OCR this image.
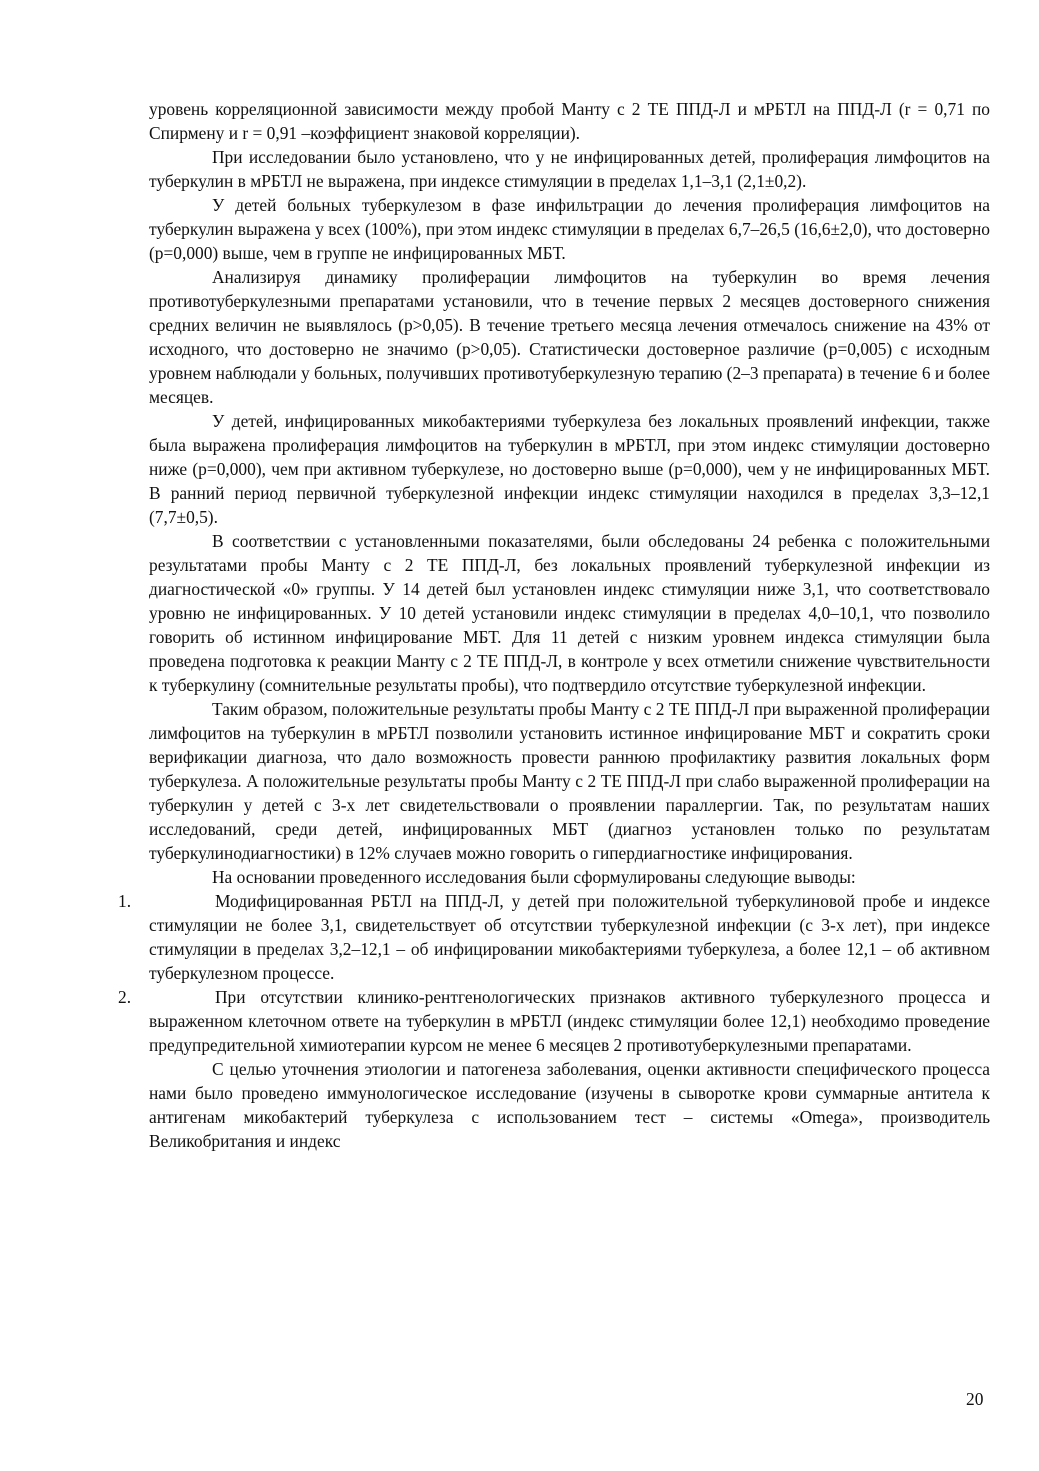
уровень корреляционной зависимости между пробой Манту с 2 ТЕ ППД-Л и мРБТЛ на ППД-Л (r = 0,71 по Спирмену и r = 0,91 –коэффициент знаковой корреляции).

При исследовании было установлено, что у не инфицированных детей, пролиферация лимфоцитов на туберкулин в мРБТЛ не выражена, при индексе стимуляции в пределах 1,1–3,1 (2,1±0,2).

У детей больных туберкулезом в фазе инфильтрации до лечения пролиферация лимфоцитов на туберкулин выражена у всех (100%), при этом индекс стимуляции в пределах 6,7–26,5 (16,6±2,0), что достоверно (р=0,000) выше, чем в группе не инфицированных МБТ.

Анализируя динамику пролиферации лимфоцитов на туберкулин во время лечения противотуберкулезными препаратами установили, что в течение первых 2 месяцев достоверного снижения средних величин не выявлялось (р>0,05). В течение третьего месяца лечения отмечалось снижение на 43% от исходного, что достоверно не значимо (р>0,05). Статистически достоверное различие (р=0,005) с исходным уровнем наблюдали у больных, получивших противотуберкулезную терапию (2–3 препарата) в течение 6 и более месяцев.

У детей, инфицированных микобактериями туберкулеза без локальных проявлений инфекции, также была выражена пролиферация лимфоцитов на туберкулин в мРБТЛ, при этом индекс стимуляции достоверно ниже (р=0,000), чем при активном туберкулезе, но достоверно выше (р=0,000), чем у не инфицированных МБТ. В ранний период первичной туберкулезной инфекции индекс стимуляции находился в пределах 3,3–12,1 (7,7±0,5).

В соответствии с установленными показателями, были обследованы 24 ребенка с положительными результатами пробы Манту с 2 ТЕ ППД-Л, без локальных проявлений туберкулезной инфекции из диагностической «0» группы. У 14 детей был установлен индекс стимуляции ниже 3,1, что соответствовало уровню не инфицированных. У 10 детей установили индекс стимуляции в пределах 4,0–10,1, что позволило говорить об истинном инфицирование МБТ. Для 11 детей с низким уровнем индекса стимуляции была проведена подготовка к реакции Манту с 2 ТЕ ППД-Л, в контроле у всех отметили снижение чувствительности к туберкулину (сомнительные результаты пробы), что подтвердило отсутствие туберкулезной инфекции.

Таким образом, положительные результаты пробы Манту с 2 ТЕ ППД-Л при выраженной пролиферации лимфоцитов на туберкулин в мРБТЛ позволили установить истинное инфицирование МБТ и сократить сроки верификации диагноза, что дало возможность провести раннюю профилактику развития локальных форм туберкулеза. А положительные результаты пробы Манту с 2 ТЕ ППД-Л при слабо выраженной пролиферации на туберкулин у детей с 3-х лет свидетельствовали о проявлении параллергии. Так, по результатам наших исследований, среди детей, инфицированных МБТ (диагноз установлен только по результатам туберкулинодиагностики) в 12% случаев можно говорить о гипердиагностике инфицирования.

На основании проведенного исследования были сформулированы следующие выводы:

1.	Модифицированная РБТЛ на ППД-Л, у детей при положительной туберкулиновой пробе и индексе стимуляции не более 3,1, свидетельствует об отсутствии туберкулезной инфекции (с 3-х лет), при индексе стимуляции в пределах 3,2–12,1 – об инфицировании микобактериями туберкулеза, а более 12,1 – об активном туберкулезном процессе.

2.	При отсутствии клинико-рентгенологических признаков активного туберкулезного процесса и выраженном клеточном ответе на туберкулин в мРБТЛ (индекс стимуляции более 12,1) необходимо проведение предупредительной химиотерапии курсом не менее 6 месяцев 2 противотуберкулезными препаратами.

С целью уточнения этиологии и патогенеза заболевания, оценки активности специфического процесса нами было проведено иммунологическое исследование (изучены в сыворотке крови суммарные антитела к антигенам микобактерий туберкулеза с использованием тест – системы «Omega», производитель Великобритания и индекс

20
